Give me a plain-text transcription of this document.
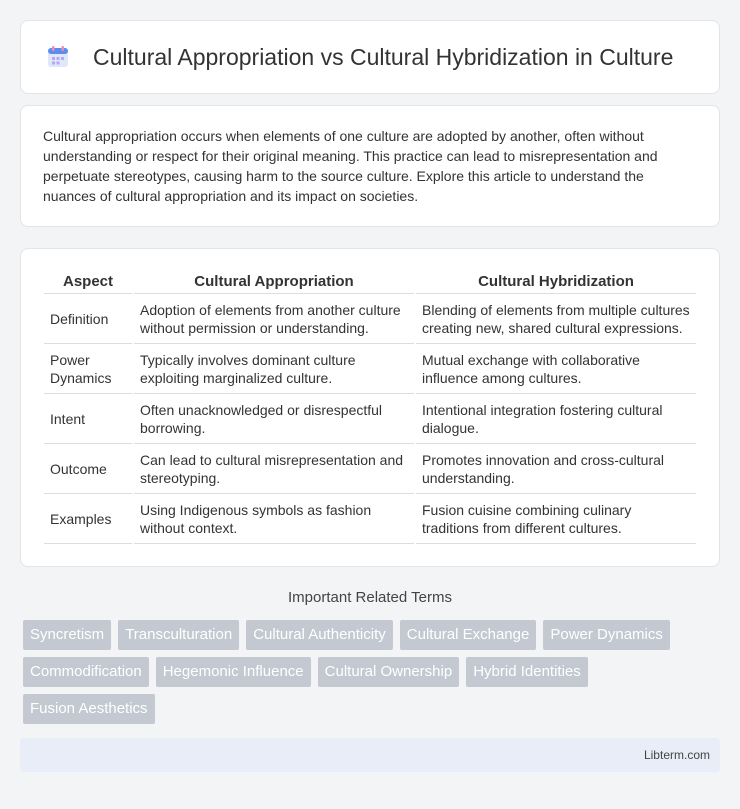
Cultural Appropriation vs Cultural Hybridization in Culture

Cultural appropriation occurs when elements of one culture are adopted by another, often without understanding or respect for their original meaning. This practice can lead to misrepresentation and perpetuate stereotypes, causing harm to the source culture. Explore this article to understand the nuances of cultural appropriation and its impact on societies.

Aspect	Cultural Appropriation	Cultural Hybridization
Definition	Adoption of elements from another culture without permission or understanding.	Blending of elements from multiple cultures creating new, shared cultural expressions.
Power Dynamics	Typically involves dominant culture exploiting marginalized culture.	Mutual exchange with collaborative influence among cultures.
Intent	Often unacknowledged or disrespectful borrowing.	Intentional integration fostering cultural dialogue.
Outcome	Can lead to cultural misrepresentation and stereotyping.	Promotes innovation and cross-cultural understanding.
Examples	Using Indigenous symbols as fashion without context.	Fusion cuisine combining culinary traditions from different cultures.
Important Related Terms
Syncretism	Transculturation	Cultural Authenticity	Cultural Exchange	Power Dynamics
Commodification	Hegemonic Influence	Cultural Ownership	Hybrid Identities
Fusion Aesthetics
Libterm.com
